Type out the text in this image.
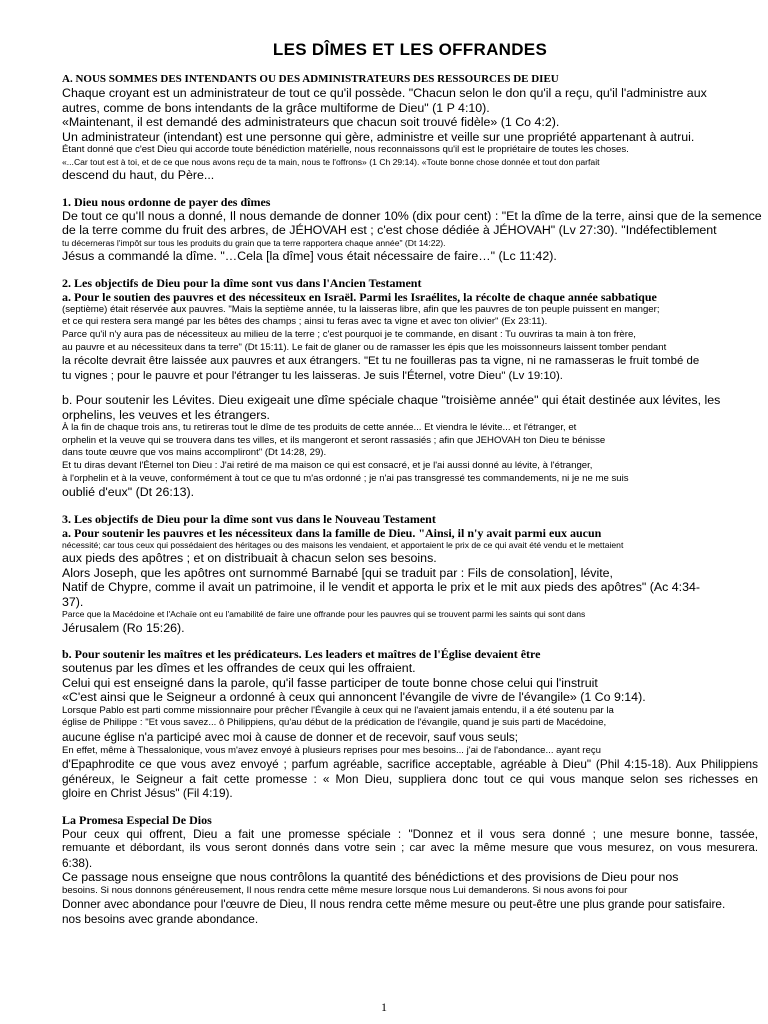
LES DÎMES ET LES OFFRANDES

A. NOUS SOMMES DES INTENDANTS OU DES ADMINISTRATEURS DES RESSOURCES DE DIEU

Chaque croyant est un administrateur de tout ce qu'il possède. "Chacun selon le don qu'il a reçu, qu'il l'administre aux

autres, comme de bons intendants de la grâce multiforme de Dieu" (1 P 4:10).

«Maintenant, il est demandé des administrateurs que chacun soit trouvé fidèle» (1 Co 4:2).

Un administrateur (intendant) est une personne qui gère, administre et veille sur une propriété appartenant à autrui.

Étant donné que c'est Dieu qui accorde toute bénédiction matérielle, nous reconnaissons qu'il est le propriétaire de toutes les choses.

«...Car tout est à toi, et de ce que nous avons reçu de ta main, nous te l'offrons» (1 Ch 29:14). «Toute bonne chose donnée et tout don parfait

descend du haut, du Père...

1. Dieu nous ordonne de payer des dîmes

De tout ce qu'Il nous a donné, Il nous demande de donner 10% (dix pour cent) : "Et la dîme de la terre, ainsi que de la semence

de la terre comme du fruit des arbres, de JÉHOVAH est ; c'est chose dédiée à JÉHOVAH" (Lv 27:30). "Indéfectiblement

tu décerneras l'impôt sur tous les produits du grain que ta terre rapportera chaque année" (Dt 14:22).

Jésus a commandé la dîme. "…Cela [la dîme] vous était nécessaire de faire…" (Lc 11:42).

2. Les objectifs de Dieu pour la dîme sont vus dans l'Ancien Testament

a. Pour le soutien des pauvres et des nécessiteux en Israël. Parmi les Israélites, la récolte de chaque année sabbatique

(septième) était réservée aux pauvres. "Mais la septième année, tu la laisseras libre, afin que les pauvres de ton peuple puissent en manger;

et ce qui restera sera mangé par les bêtes des champs ; ainsi tu feras avec ta vigne et avec ton olivier" (Ex 23:11).

Parce qu'il n'y aura pas de nécessiteux au milieu de la terre ; c'est pourquoi je te commande, en disant : Tu ouvriras ta main à ton frère,

au pauvre et au nécessiteux dans ta terre" (Dt 15:11). Le fait de glaner ou de ramasser les épis que les moissonneurs laissent tomber pendant

la récolte devrait être laissée aux pauvres et aux étrangers. "Et tu ne fouilleras pas ta vigne, ni ne ramasseras le fruit tombé de

tu vignes ; pour le pauvre et pour l'étranger tu les laisseras. Je suis l'Éternel, votre Dieu" (Lv 19:10).

b. Pour soutenir les Lévites. Dieu exigeait une dîme spéciale chaque "troisième année" qui était destinée aux lévites, les

orphelins, les veuves et les étrangers.

À la fin de chaque trois ans, tu retireras tout le dîme de tes produits de cette année... Et viendra le lévite... et l'étranger, et

orphelin et la veuve qui se trouvera dans tes villes, et ils mangeront et seront rassasiés ; afin que JEHOVAH ton Dieu te bénisse

dans toute œuvre que vos mains accompliront" (Dt 14:28, 29).

Et tu diras devant l'Éternel ton Dieu : J'ai retiré de ma maison ce qui est consacré, et je l'ai aussi donné au lévite, à l'étranger,

à l'orphelin et à la veuve, conformément à tout ce que tu m'as ordonné ; je n'ai pas transgressé tes commandements, ni je ne me suis

oublié d'eux" (Dt 26:13).

3. Les objectifs de Dieu pour la dîme sont vus dans le Nouveau Testament

a. Pour soutenir les pauvres et les nécessiteux dans la famille de Dieu. "Ainsi, il n'y avait parmi eux aucun

nécessité; car tous ceux qui possédaient des héritages ou des maisons les vendaient, et apportaient le prix de ce qui avait été vendu et le mettaient

aux pieds des apôtres ; et on distribuait à chacun selon ses besoins.

Alors Joseph, que les apôtres ont surnommé Barnabé [qui se traduit par : Fils de consolation], lévite,

Natif de Chypre, comme il avait un patrimoine, il le vendit et apporta le prix et le mit aux pieds des apôtres" (Ac 4:34-

37).

Parce que la Macédoine et l'Achaïe ont eu l'amabilité de faire une offrande pour les pauvres qui se trouvent parmi les saints qui sont dans

Jérusalem (Ro 15:26).

b. Pour soutenir les maîtres et les prédicateurs. Les leaders et maîtres de l'Église devaient être

soutenus par les dîmes et les offrandes de ceux qui les offraient.

Celui qui est enseigné dans la parole, qu'il fasse participer de toute bonne chose celui qui l'instruit

«C'est ainsi que le Seigneur a ordonné à ceux qui annoncent l'évangile de vivre de l'évangile» (1 Co 9:14).

Lorsque Pablo est parti comme missionnaire pour prêcher l'Évangile à ceux qui ne l'avaient jamais entendu, il a été soutenu par la

église de Philippe : "Et vous savez... ô Philippiens, qu'au début de la prédication de l'évangile, quand je suis parti de Macédoine,

aucune église n'a participé avec moi à cause de donner et de recevoir, sauf vous seuls;

En effet, même à Thessalonique, vous m'avez envoyé à plusieurs reprises pour mes besoins... j'ai de l'abondance... ayant reçu

d'Epaphrodite ce que vous avez envoyé ; parfum agréable, sacrifice acceptable, agréable à Dieu" (Phil 4:15-18). Aux Philippiens

généreux, le Seigneur a fait cette promesse : « Mon Dieu, suppliera donc tout ce qui vous manque selon ses richesses en

gloire en Christ Jésus" (Fil 4:19).

La Promesa Especial De Dios

Pour ceux qui offrent, Dieu a fait une promesse spéciale : "Donnez et il vous sera donné ; une mesure bonne, tassée,

remuante et débordant, ils vous seront donnés dans votre sein ; car avec la même mesure que vous mesurez, on vous mesurera.

6:38).

Ce passage nous enseigne que nous contrôlons la quantité des bénédictions et des provisions de Dieu pour nos

besoins. Si nous donnons généreusement, Il nous rendra cette même mesure lorsque nous Lui demanderons. Si nous avons foi pour

Donner avec abondance pour l'œuvre de Dieu, Il nous rendra cette même mesure ou peut-être une plus grande pour satisfaire.

nos besoins avec grande abondance.

1
